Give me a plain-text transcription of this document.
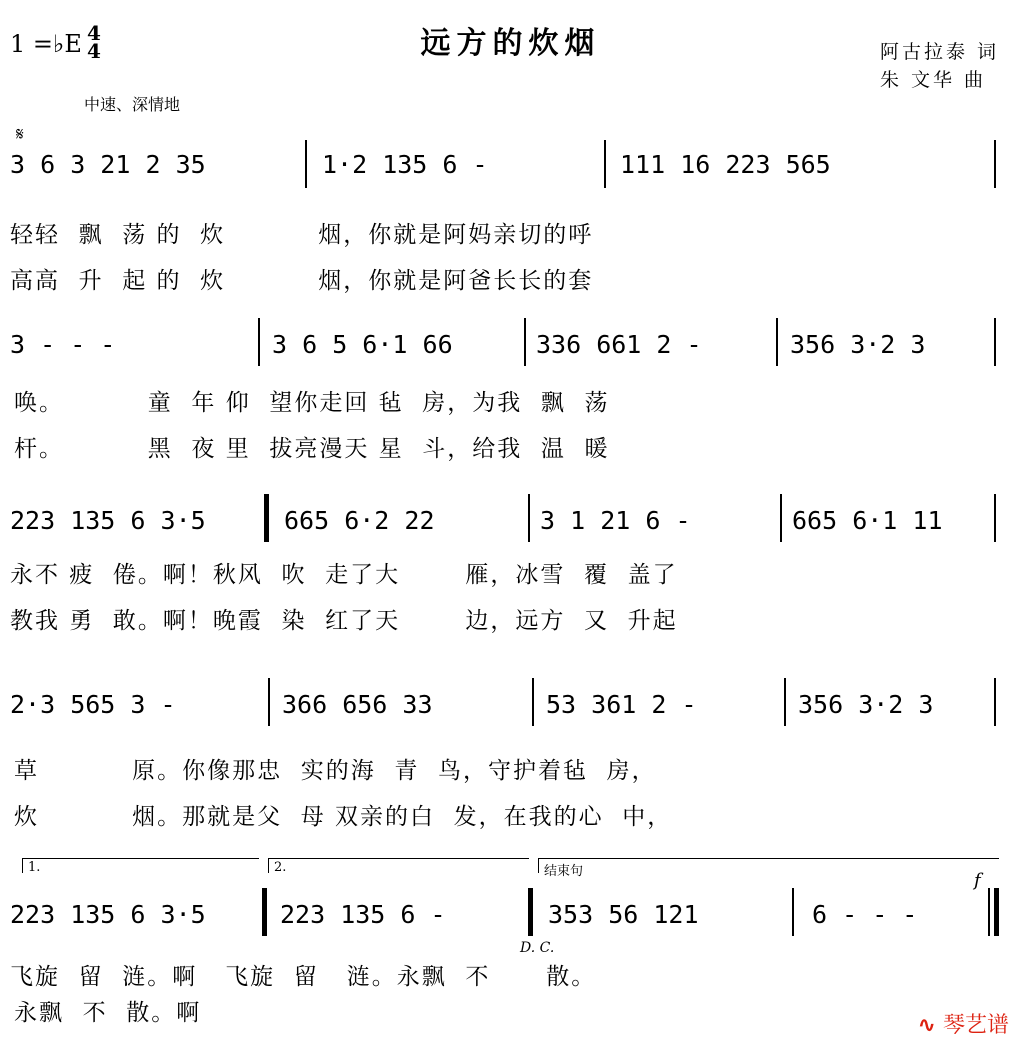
1 =♭E 4
4	远方的炊烟	阿古拉泰 词
朱 文华 曲
中速、深情地
𝄋
3 6 3 21 2 35	1·2 135 6 -	111 16 223 565
轻轻  飘  荡 的  炊          烟，你就是阿妈亲切的呼
高高  升  起 的  炊          烟，你就是阿爸长长的套
3 - - -	3 6 5 6·1 66	336 661 2 -	356 3·2 3
唤。         童  年 仰  望你走回 毡  房，为我  飘  荡
杆。         黑  夜 里  拔亮漫天 星  斗，给我  温  暖
223 135 6 3·5	665 6·2 22	3 1 21 6 -	665 6·1 11
永不 疲  倦。啊！秋风  吹  走了大       雁，冰雪  覆  盖了
教我 勇  敢。啊！晚霞  染  红了天       边，远方  又  升起
2·3 565 3 -	366 656 33	53 361 2 -	356 3·2 3
草          原。你像那忠  实的海  青  鸟，守护着毡  房，
炊          烟。那就是父  母 双亲的白  发，在我的心  中，
1.	2.	结束句	f
223 135 6 3·5	223 135 6 -
D. C.
353 56 121	6 - - -
飞旋  留  涟。啊   飞旋  留   涟。永飘  不      散。
永飘  不  散。啊	∿ 琴艺谱
